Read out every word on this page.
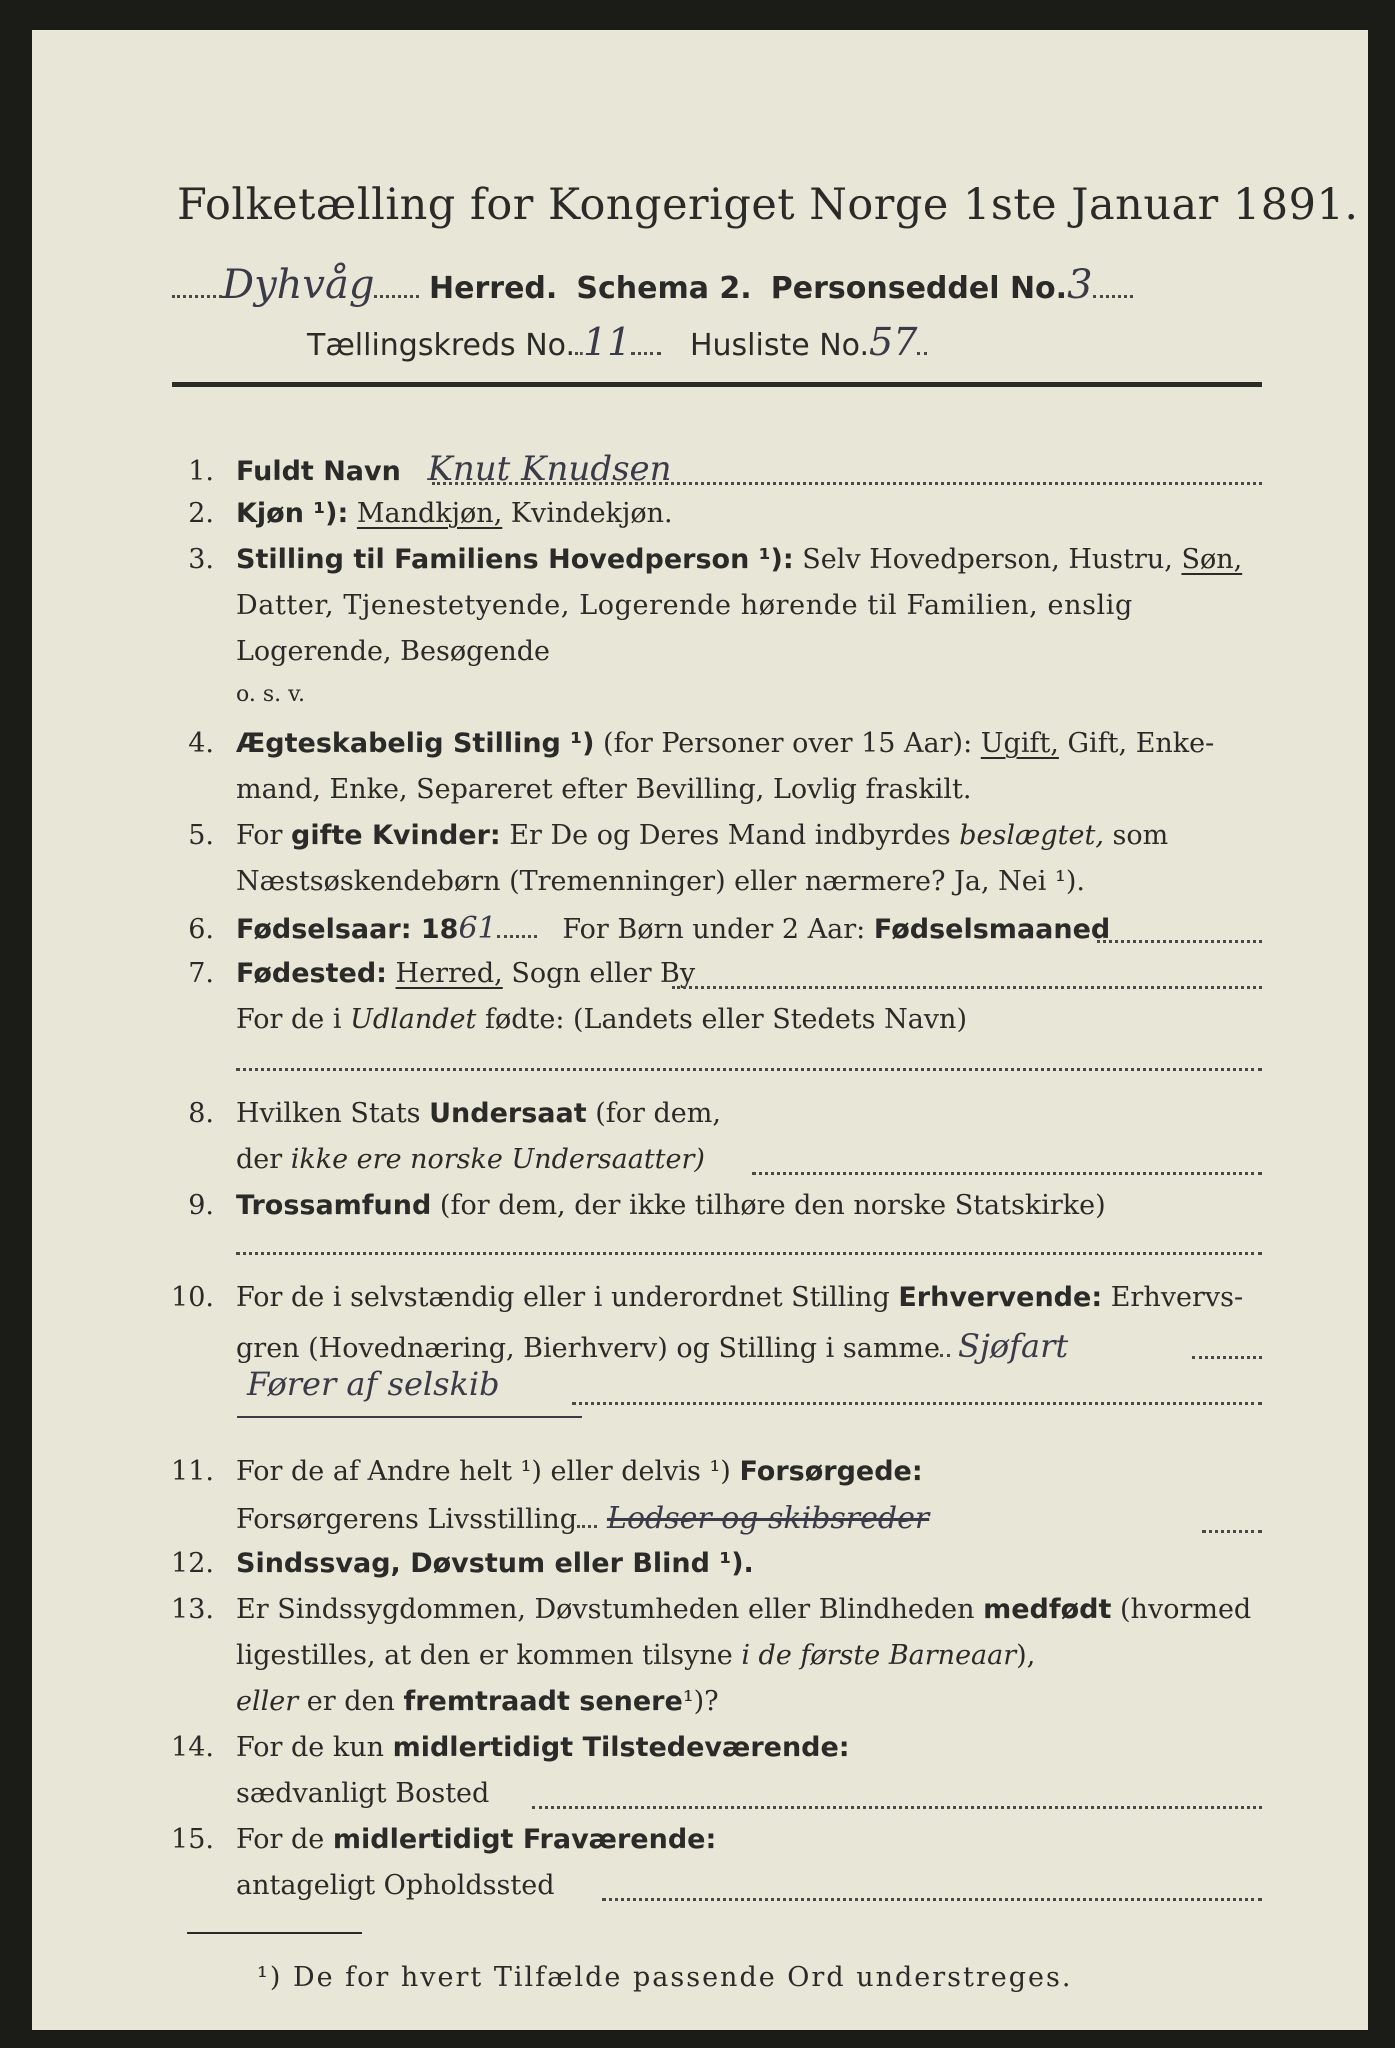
Folketælling for Kongeriget Norge 1ste Januar 1891.
Dyhvåg Herred. Schema 2. Personseddel No.3
Tællingskreds No. 11 Husliste No.57
1. Fuldt Navn Knut Knudsen
2. Kjøn ¹): Mandkjøn, Kvindekjøn.
3. Stilling til Familiens Hovedperson ¹): Selv Hovedperson, Hustru, Søn,
Datter, Tjenestetyende, Logerende hørende til Familien, enslig
Logerende, Besøgende
o. s. v.
4. Ægteskabelig Stilling ¹) (for Personer over 15 Aar): Ugift, Gift, Enke-
mand, Enke, Separeret efter Bevilling, Lovlig fraskilt.
5. For gifte Kvinder: Er De og Deres Mand indbyrdes beslægtet, som
Næstsøskendebørn (Tremenninger) eller nærmere? Ja, Nei ¹).
6. Fødselsaar: 1861 For Børn under 2 Aar: Fødselsmaaned
7. Fødested: Herred, Sogn eller By
For de i Udlandet fødte: (Landets eller Stedets Navn)
8. Hvilken Stats Undersaat (for dem,
der ikke ere norske Undersaatter)
9. Trossamfund (for dem, der ikke tilhøre den norske Statskirke)
10. For de i selvstændig eller i underordnet Stilling Erhvervende: Erhvervs-
gren (Hovednæring, Bierhverv) og Stilling i samme Sjøfart
Fører af selskib
11. For de af Andre helt ¹) eller delvis ¹) Forsørgede:
Forsørgerens Livsstilling Lodser og skibsreder
12. Sindssvag, Døvstum eller Blind ¹).
13. Er Sindssygdommen, Døvstumheden eller Blindheden medfødt (hvormed
ligestilles, at den er kommen tilsyne i de første Barneaar),
eller er den fremtraadt senere¹)?
14. For de kun midlertidigt Tilstedeværende:
sædvanligt Bosted
15. For de midlertidigt Fraværende:
antageligt Opholdssted
¹) De for hvert Tilfælde passende Ord understreges.
